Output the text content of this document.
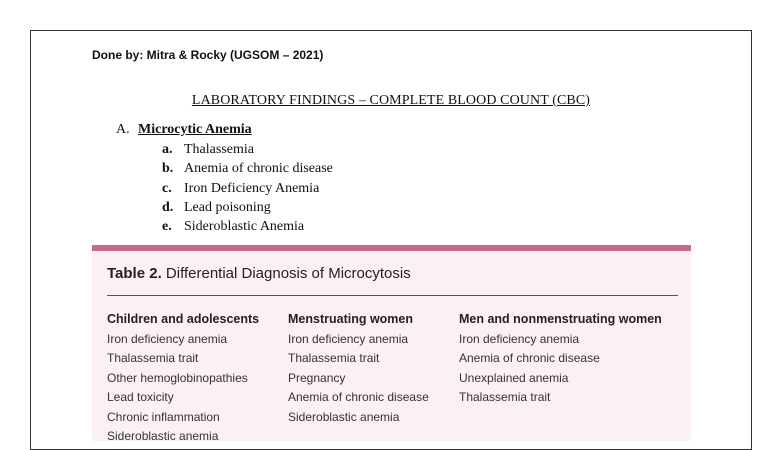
Done by: Mitra & Rocky (UGSOM – 2021)
LABORATORY FINDINGS – COMPLETE BLOOD COUNT (CBC)
A. Microcytic Anemia
a. Thalassemia
b. Anemia of chronic disease
c. Iron Deficiency Anemia
d. Lead poisoning
e. Sideroblastic Anemia
Table 2. Differential Diagnosis of Microcytosis
Children and adolescents
Iron deficiency anemia
Thalassemia trait
Other hemoglobinopathies
Lead toxicity
Chronic inflammation
Sideroblastic anemia
Menstruating women
Iron deficiency anemia
Thalassemia trait
Pregnancy
Anemia of chronic disease
Sideroblastic anemia
Men and nonmenstruating women
Iron deficiency anemia
Anemia of chronic disease
Unexplained anemia
Thalassemia trait
